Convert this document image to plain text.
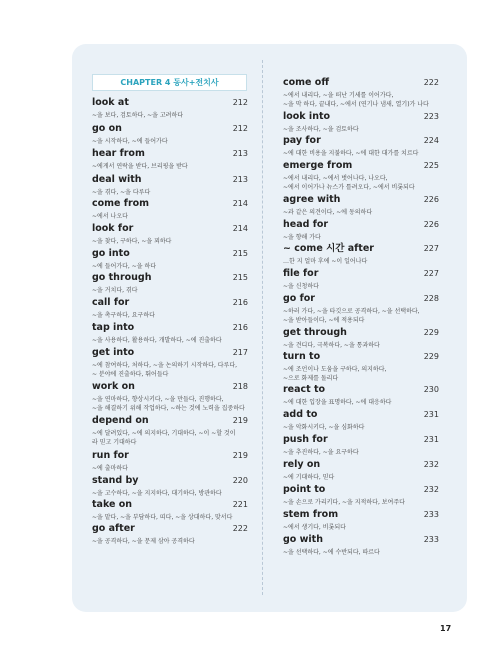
CHAPTER 4 동사+전치사
look at	212
~을 보다, 검토하다, ~을 고려하다
go on	212
~을 시작하다, ~에 들어가다
hear from	213
~에게서 연락을 받다, 브리핑을 받다
deal with	213
~을 겪다, ~을 다루다
come from	214
~에서 나오다
look for	214
~을 찾다, 구하다, ~을 꾀하다
go into	215
~에 들어가다, ~을 하다
go through	215
~을 거치다, 겪다
call for	216
~을 촉구하다, 요구하다
tap into	216
~을 사용하다, 활용하다, 개발하다, ~에 진출하다
get into	217
~에 참여하다, 처하다, ~을 논의하기 시작하다, 다루다,
~ 분야에 진출하다, 뛰어들다
work on	218
~을 연마하다, 향상시키다, ~을 만들다, 진행하다,
~을 해결하기 위해 작업하다, ~하는 것에 노력을 집중하다
depend on	219
~에 달려있다, ~에 의지하다, 기대하다, ~이 ~할 것이
라 믿고 기대하다
run for	219
~에 출마하다
stand by	220
~을 고수하다, ~을 지지하다, 대기하다, 방관하다
take on	221
~을 맡다, ~을 부담하다, 띠다, ~을 상대하다, 맞서다
go after	222
~을 공격하다, ~을 문제 삼아 공격하다
come off	222
~에서 내리다, ~을 떠난 기세를 이어가다,
~을 막 하다, 끝내다, ~에서 (연기나 냄새, 열기)가 나다
look into	223
~을 조사하다, ~을 검토하다
pay for	224
~에 대한 비용을 지불하다, ~에 대한 대가를 치르다
emerge from	225
~에서 내리다, ~에서 벗어나다, 나오다,
~에서 이어가나 뉴스가 틀려오다, ~에서 비롯되다
agree with	226
~과 같은 의견이다, ~에 동의하다
head for	226
~을 향해 가다
~ come 시간 after	227
…한 지 얼마 후에 ~이 일어나다
file for	227
~을 신청하다
go for	228
~하러 가다, ~을 타깃으로 공격하다, ~을 선택하다,
~을 받아들이다, ~에 적용되다
get through	229
~을 견디다, 극복하다, ~을 통과하다
turn to	229
~에 조언이나 도움을 구하다, 의지하다,
~으로 화제를 돌리다
react to	230
~에 대한 입장을 표명하다, ~에 대응하다
add to	231
~을 악화시키다, ~을 심화하다
push for	231
~을 추진하다, ~을 요구하다
rely on	232
~에 기대하다, 믿다
point to	232
~을 손으로 가리키다, ~을 지적하다, 보여주다
stem from	233
~에서 생기다, 비롯되다
go with	233
~을 선택하다, ~에 수반되다, 따르다
17
